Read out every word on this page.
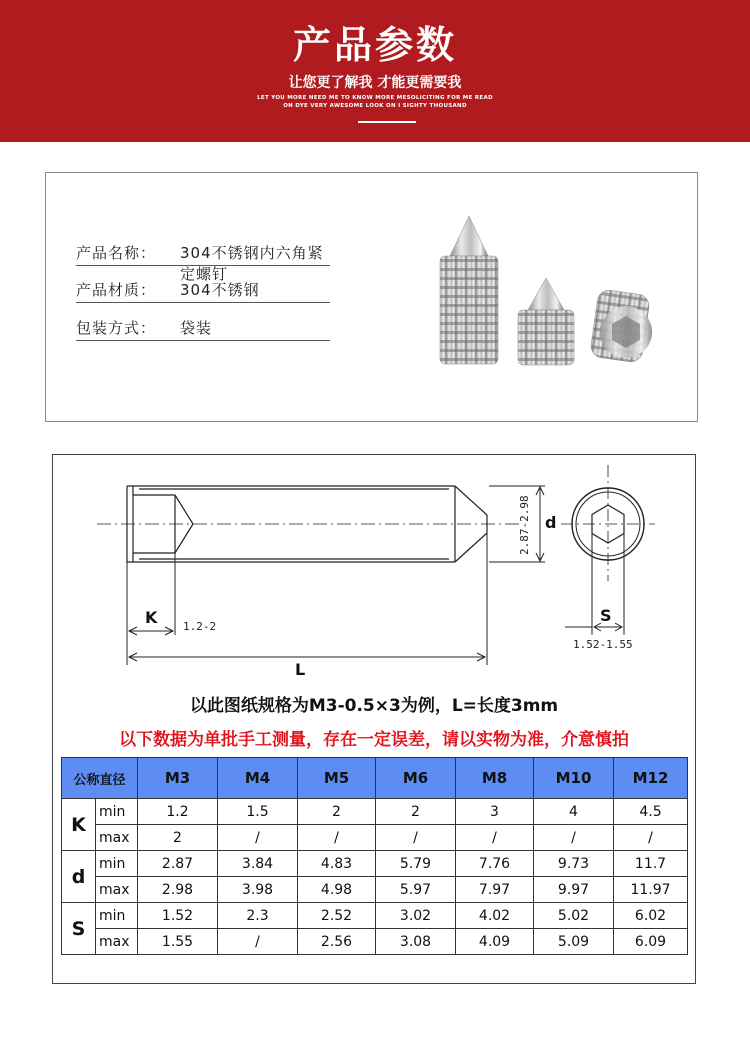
产品参数
让您更了解我 才能更需要我
LET YOU MORE NEED ME TO KNOW MORE MESOLICITING FOR ME READ
ON DYE VERY AWESOME LOOK ON I SIGHTY THOUSAND
产品名称： 304不锈钢内六角紧定螺钉
产品材质： 304不锈钢
包装方式： 袋装
2.87-2.98 d
K 1.2-2
L
S
1.52-1.55
以此图纸规格为M3-0.5×3为例，L=长度3mm
以下数据为单批手工测量，存在一定误差，请以实物为准，介意慎拍
公称直径		M3	M4	M5	M6	M8	M10	M12
K	min	1.2	1.5	2	2	3	4	4.5
	max	2	/	/	/	/	/	/
d	min	2.87	3.84	4.83	5.79	7.76	9.73	11.7
	max	2.98	3.98	4.98	5.97	7.97	9.97	11.97
S	min	1.52	2.3	2.52	3.02	4.02	5.02	6.02
	max	1.55	/	2.56	3.08	4.09	5.09	6.09
